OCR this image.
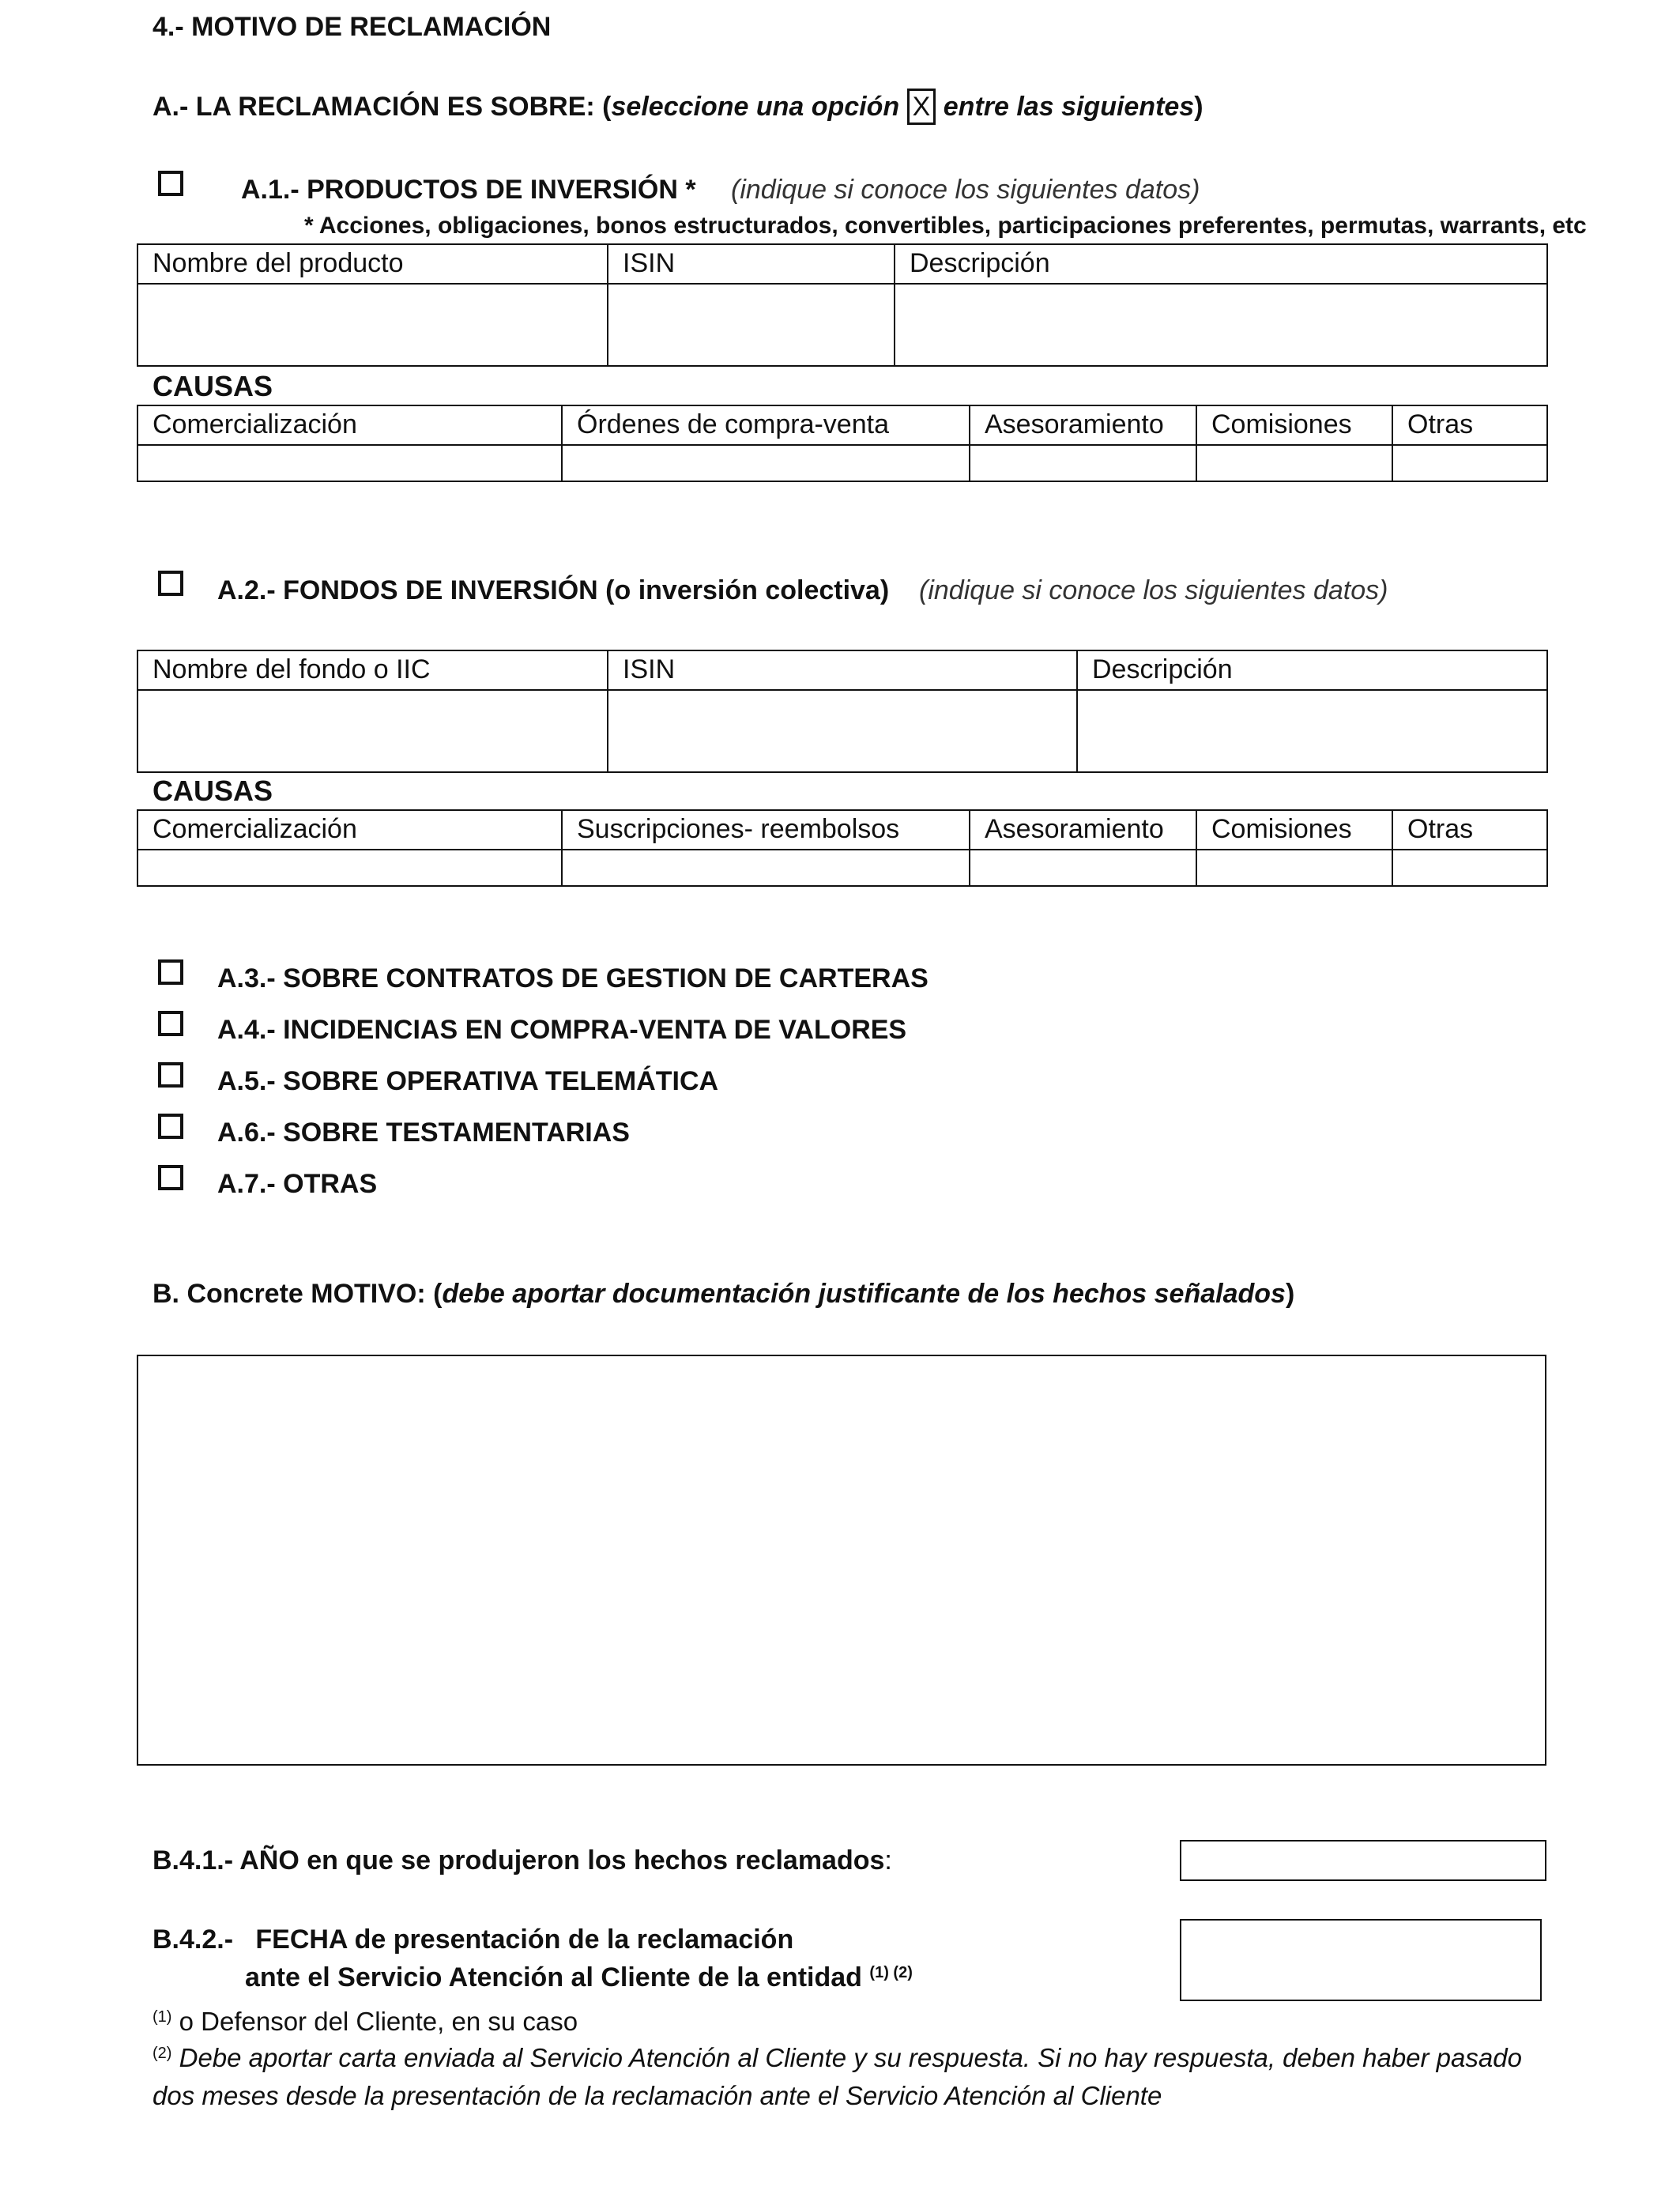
4.- MOTIVO DE RECLAMACIÓN
A.- LA RECLAMACIÓN ES SOBRE: (seleccione una opción X entre las siguientes)
A.1.- PRODUCTOS DE INVERSIÓN * (indique si conoce los siguientes datos)
* Acciones, obligaciones, bonos estructurados, convertibles, participaciones preferentes, permutas, warrants, etc
Nombre del producto	ISIN	Descripción

CAUSAS
Comercialización	Órdenes de compra-venta	Asesoramiento	Comisiones	Otras

A.2.- FONDOS DE INVERSIÓN (o inversión colectiva) (indique si conoce los siguientes datos)
Nombre del fondo o IIC	ISIN	Descripción

CAUSAS
Comercialización	Suscripciones- reembolsos	Asesoramiento	Comisiones	Otras

A.3.- SOBRE CONTRATOS DE GESTION DE CARTERAS
A.4.- INCIDENCIAS EN COMPRA-VENTA DE VALORES
A.5.- SOBRE OPERATIVA TELEMÁTICA
A.6.- SOBRE TESTAMENTARIAS
A.7.- OTRAS
B. Concrete MOTIVO: (debe aportar documentación justificante de los hechos señalados)
B.4.1.- AÑO en que se produjeron los hechos reclamados:
B.4.2.-   FECHA de presentación de la reclamación
ante el Servicio Atención al Cliente de la entidad $^{(1) (2)}$
$^{(1)}$ o Defensor del Cliente, en su caso
$^{(2)}$ Debe aportar carta enviada al Servicio Atención al Cliente y su respuesta. Si no hay respuesta, deben haber pasado
dos meses desde la presentación de la reclamación ante el Servicio Atención al Cliente
